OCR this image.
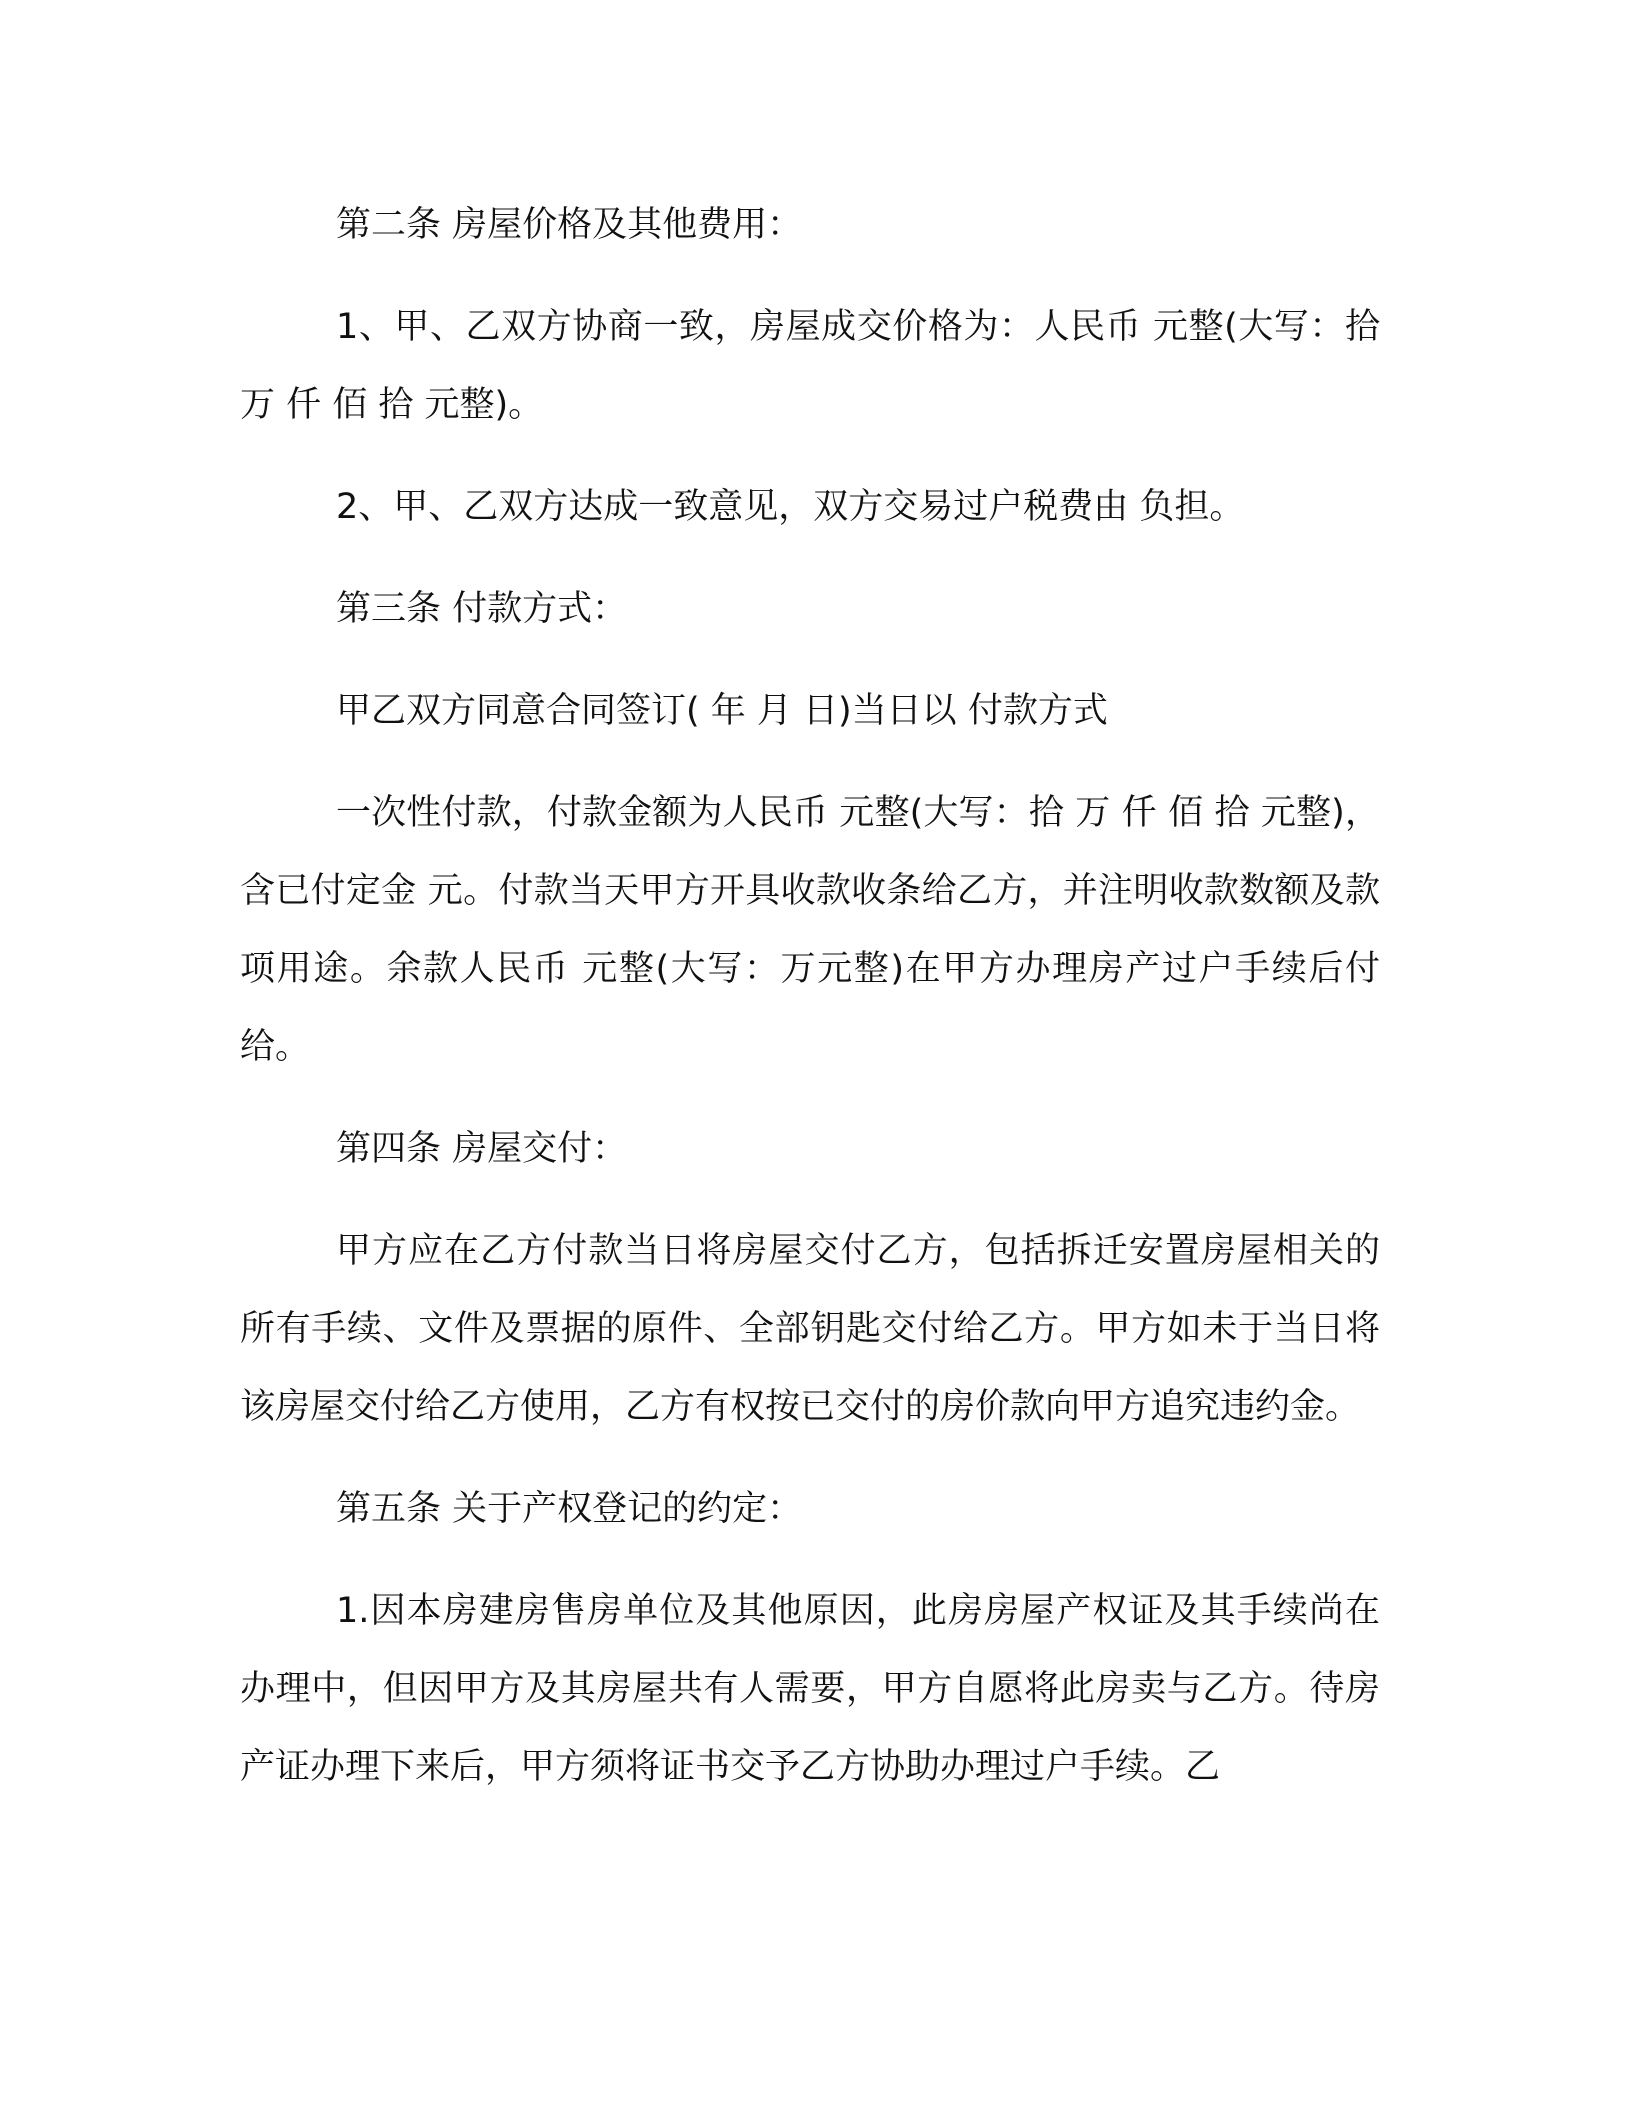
第二条 房屋价格及其他费用：

1、甲、乙双方协商一致，房屋成交价格为：人民币 元整(大写：拾 万 仟 佰 拾 元整)。

2、甲、乙双方达成一致意见，双方交易过户税费由 负担。

第三条 付款方式：

甲乙双方同意合同签订( 年 月 日)当日以 付款方式

一次性付款，付款金额为人民币 元整(大写：拾 万 仟 佰 拾 元整)，含已付定金 元。付款当天甲方开具收款收条给乙方，并注明收款数额及款项用途。余款人民币 元整(大写：万元整)在甲方办理房产过户手续后付给。

第四条 房屋交付：

甲方应在乙方付款当日将房屋交付乙方，包括拆迁安置房屋相关的所有手续、文件及票据的原件、全部钥匙交付给乙方。甲方如未于当日将该房屋交付给乙方使用，乙方有权按已交付的房价款向甲方追究违约金。

第五条 关于产权登记的约定：

1.因本房建房售房单位及其他原因，此房房屋产权证及其手续尚在办理中，但因甲方及其房屋共有人需要，甲方自愿将此房卖与乙方。待房产证办理下来后，甲方须将证书交予乙方协助办理过户手续。乙
